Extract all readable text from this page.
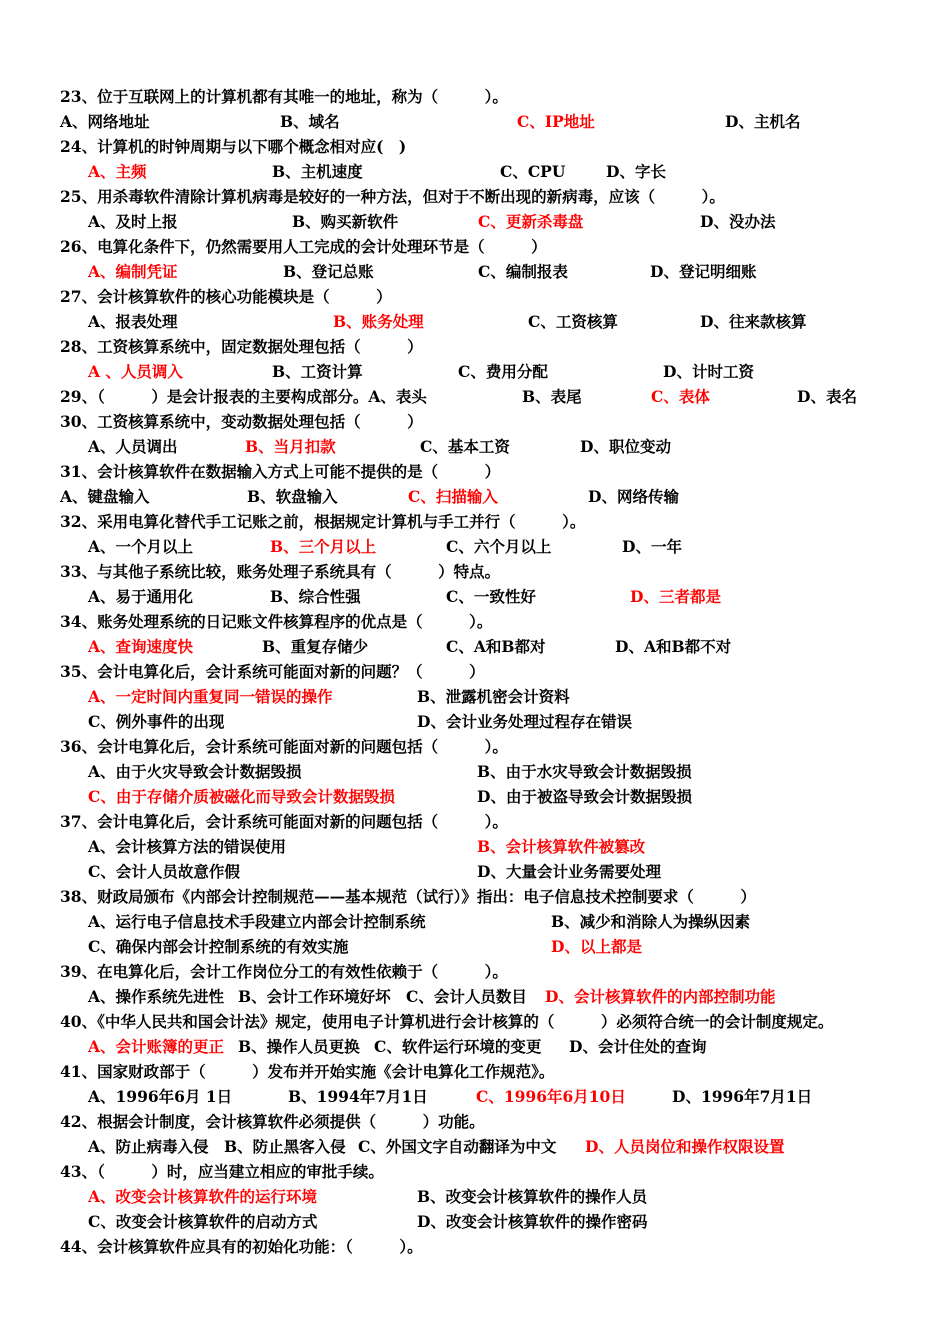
23、位于互联网上的计算机都有其唯一的地址，称为（　　　）。

A、网络地址

	B、域名

	C、IP地址

	D、主机名

24、计算机的时钟周期与以下哪个概念相对应(　)

A、主频

	B、主机速度

	C、CPU

	D、字长

25、用杀毒软件清除计算机病毒是较好的一种方法，但对于不断出现的新病毒，应该（　　　）。

A、及时上报

	B、购买新软件

	C、更新杀毒盘

	D、没办法

26、电算化条件下，仍然需要用人工完成的会计处理环节是（　　　）

A、编制凭证

	B、登记总账

	C、编制报表

	D、登记明细账

27、会计核算软件的核心功能模块是（　　　）

A、报表处理

	B、账务处理

	C、工资核算

	D、往来款核算

28、工资核算系统中，固定数据处理包括（　　　）

A 、人员调入

	B、工资计算

	C、费用分配

	D、计时工资

29、（　　　）是会计报表的主要构成部分。A、表头

	B、表尾

	C、表体

	D、表名

30、工资核算系统中，变动数据处理包括（　　　）

A、人员调出

	B、当月扣款

	C、基本工资

	D、职位变动

31、会计核算软件在数据输入方式上可能不提供的是（　　　）

A、键盘输入

	B、软盘输入

	C、扫描输入

	D、网络传输

32、采用电算化替代手工记账之前，根据规定计算机与手工并行（　　　）。

A、一个月以上

	B、三个月以上

	C、六个月以上

	D、一年

33、与其他子系统比较，账务处理子系统具有（　　　）特点。

A、易于通用化

	B、综合性强

	C、一致性好

	D、三者都是

34、账务处理系统的日记账文件核算程序的优点是（　　　）。

A、查询速度快

	B、重复存储少

	C、A和B都对

	D、A和B都不对

35、会计电算化后，会计系统可能面对新的问题？（　　　）

A、一定时间内重复同一错误的操作

	B、泄露机密会计资料

C、例外事件的出现

	D、会计业务处理过程存在错误

36、会计电算化后，会计系统可能面对新的问题包括（　　　）。

A、由于火灾导致会计数据毁损

	B、由于水灾导致会计数据毁损

C、由于存储介质被磁化而导致会计数据毁损

	D、由于被盗导致会计数据毁损

37、会计电算化后，会计系统可能面对新的问题包括（　　　）。

A、会计核算方法的错误使用

	B、会计核算软件被篡改

C、会计人员故意作假

	D、大量会计业务需要处理

38、财政局颁布《内部会计控制规范——基本规范（试行）》指出：电子信息技术控制要求（　　　）

A、运行电子信息技术手段建立内部会计控制系统

	B、减少和消除人为操纵因素

C、确保内部会计控制系统的有效实施

	D、以上都是

39、在电算化后，会计工作岗位分工的有效性依赖于（　　　）。

A、操作系统先进性

B、会计工作环境好坏

C、会计人员数目

D、会计核算软件的内部控制功能

40、《中华人民共和国会计法》规定，使用电子计算机进行会计核算的（　　　）必须符合统一的会计制度规定。

A、会计账簿的更正

B、操作人员更换

C、软件运行环境的变更

D、会计住处的查询

41、国家财政部于（　　　）发布并开始实施《会计电算化工作规范》。

A、1996年6月 1日

	B、1994年7月1日

	C、1996年6月10日

	D、1996年7月1日

42、根据会计制度，会计核算软件必须提供（　　　）功能。

A、防止病毒入侵

B、防止黑客入侵

C、外国文字自动翻译为中文

D、人员岗位和操作权限设置

43、（　　　）时，应当建立相应的审批手续。

A、改变会计核算软件的运行环境

	B、改变会计核算软件的操作人员

C、改变会计核算软件的启动方式

	D、改变会计核算软件的操作密码

44、会计核算软件应具有的初始化功能：（　　　）。
